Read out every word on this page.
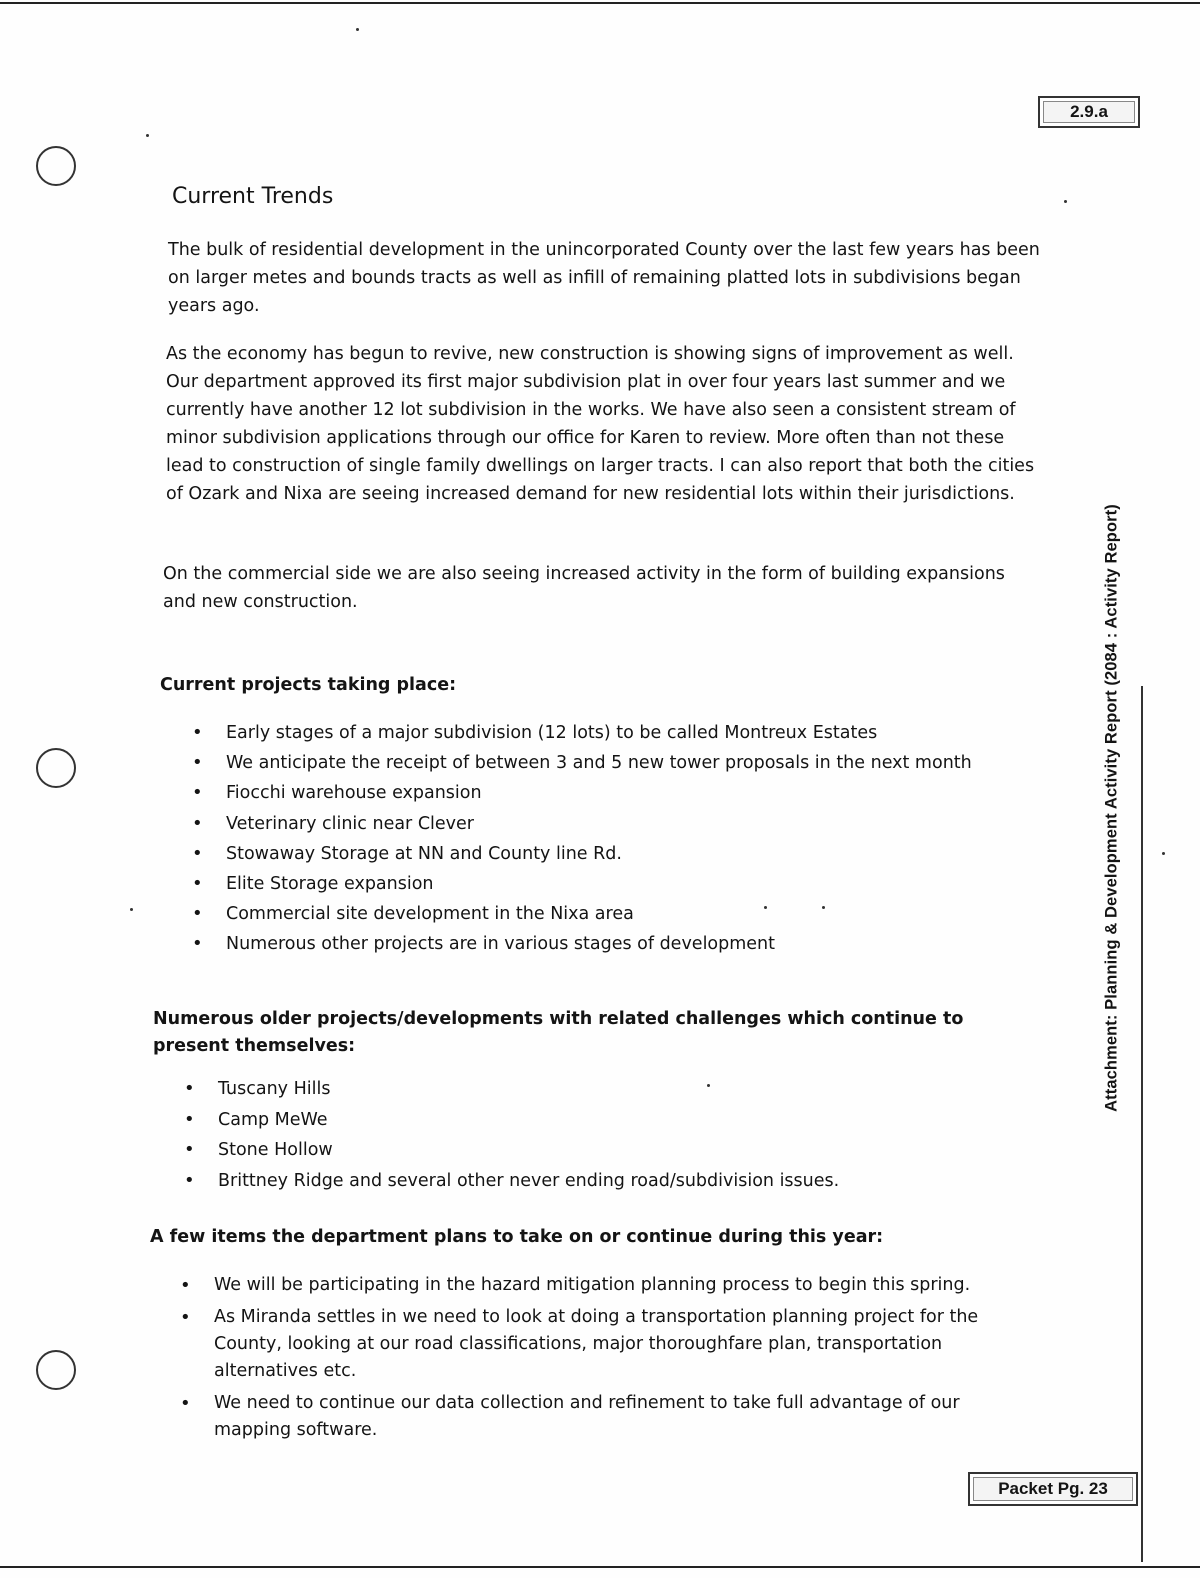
2.9.a
Current Trends

The bulk of residential development in the unincorporated County over the last few years has been on larger metes and bounds tracts as well as infill of remaining platted lots in subdivisions began years ago.

As the economy has begun to revive, new construction is showing signs of improvement as well. Our department approved its first major subdivision plat in over four years last summer and we currently have another 12 lot subdivision in the works. We have also seen a consistent stream of minor subdivision applications through our office for Karen to review. More often than not these lead to construction of single family dwellings on larger tracts. I can also report that both the cities of Ozark and Nixa are seeing increased demand for new residential lots within their jurisdictions.

On the commercial side we are also seeing increased activity in the form of building expansions and new construction.

Current projects taking place:

• Early stages of a major subdivision (12 lots) to be called Montreux Estates
• We anticipate the receipt of between 3 and 5 new tower proposals in the next month
• Fiocchi warehouse expansion
• Veterinary clinic near Clever
• Stowaway Storage at NN and County line Rd.
• Elite Storage expansion
• Commercial site development in the Nixa area
• Numerous other projects are in various stages of development

Numerous older projects/developments with related challenges which continue to present themselves:

• Tuscany Hills
• Camp MeWe
• Stone Hollow
• Brittney Ridge and several other never ending road/subdivision issues.

A few items the department plans to take on or continue during this year:

• We will be participating in the hazard mitigation planning process to begin this spring.
• As Miranda settles in we need to look at doing a transportation planning project for the County, looking at our road classifications, major thoroughfare plan, transportation alternatives etc.
• We need to continue our data collection and refinement to take full advantage of our mapping software.
Attachment: Planning & Development Activity Report (2084 : Activity Report)
Packet Pg. 23
